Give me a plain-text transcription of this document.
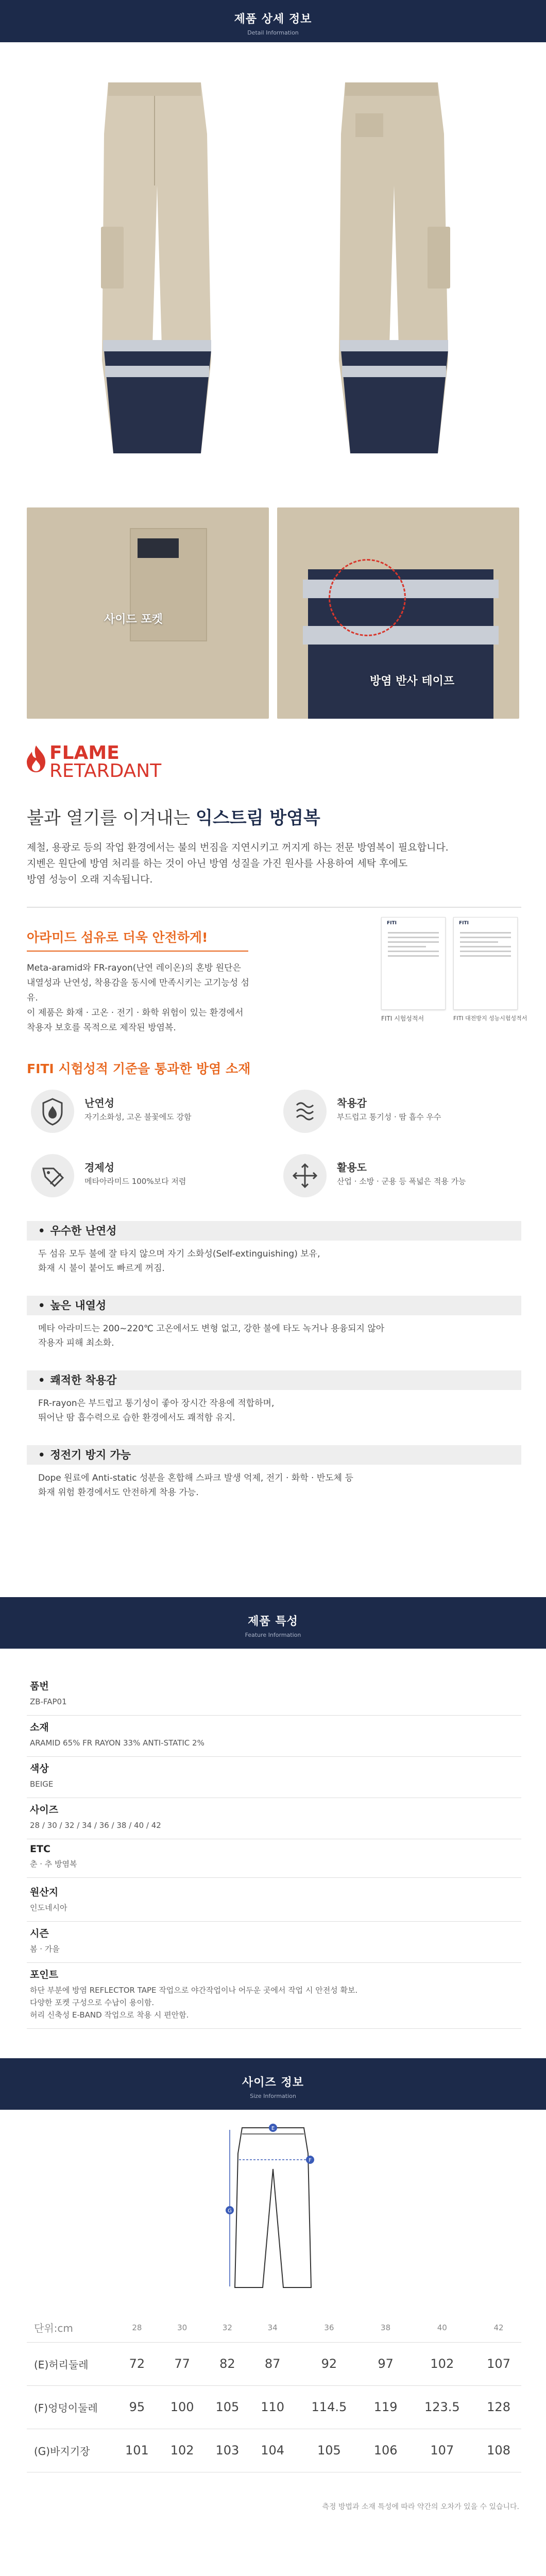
제품 상세 정보
Detail Information
사이드 포켓
방염 반사 테이프
FLAME
RETARDANT
불과 열기를 이겨내는 익스트림 방염복
제철, 용광로 등의 작업 환경에서는 불의 번짐을 지연시키고 꺼지게 하는 전문 방염복이 필요합니다.
지벤은 원단에 방염 처리를 하는 것이 아닌 방염 성질을 가진 원사를 사용하여 세탁 후에도
방염 성능이 오래 지속됩니다.
아라미드 섬유로 더욱 안전하게!
Meta-aramid와 FR-rayon(난연 레이온)의 혼방 원단은
내열성과 난연성, 착용감을 동시에 만족시키는 고기능성 섬유.
이 제품은 화재 · 고온 · 전기 · 화학 위험이 있는 환경에서
착용자 보호를 목적으로 제작된 방염복.
FITI	FITI
FITI 시험성적서	FITI 대전방지 성능시험성적서
FITI 시험성적 기준을 통과한 방염 소재
난연성
자기소화성, 고온 불꽃에도 강함
착용감
부드럽고 통기성 · 땀 흡수 우수
경제성
메타아라미드 100%보다 저렴
활용도
산업 · 소방 · 군용 등 폭넓은 적용 가능
• 우수한 난연성
두 섬유 모두 불에 잘 타지 않으며 자기 소화성(Self-extinguishing) 보유,
화재 시 불이 붙어도 빠르게 꺼짐.
• 높은 내열성
메타 아라미드는 200~220℃ 고온에서도 변형 없고, 강한 불에 타도 녹거나 용융되지 않아
작용자 피해 최소화.
• 쾌적한 착용감
FR-rayon은 부드럽고 통기성이 좋아 장시간 작용에 적합하며,
뛰어난 땀 흡수력으로 습한 환경에서도 쾌적함 유지.
• 정전기 방지 가능
Dope 원료에 Anti-static 성분을 혼합해 스파크 발생 억제, 전기 · 화학 · 반도체 등
화재 위험 환경에서도 안전하게 착용 가능.
제품 특성
Feature Information
품번
ZB-FAP01
소재
ARAMID 65% FR RAYON 33% ANTI-STATIC 2%
색상
BEIGE
사이즈
28 / 30 / 32 / 34 / 36 / 38 / 40 / 42
ETC
춘 · 추 방염복
원산지
인도네시아
시즌
봄 · 가을
포인트
하단 부분에 방염 REFLECTOR TAPE 작업으로 야간작업이나 어두운 곳에서 작업 시 안전성 확보.
다양한 포켓 구성으로 수납이 용이함.
허리 신축성 E-BAND 작업으로 착용 시 편안함.
사이즈 정보
Size Information
E
F
G
단위:cm	28	30	32	34	36	38	40	42
(E)허리둘레	72	77	82	87	92	97	102	107
(F)엉덩이둘레	95	100	105	110	114.5	119	123.5	128
(G)바지기장	101	102	103	104	105	106	107	108
측정 방법과 소재 특성에 따라 약간의 오차가 있을 수 있습니다.
